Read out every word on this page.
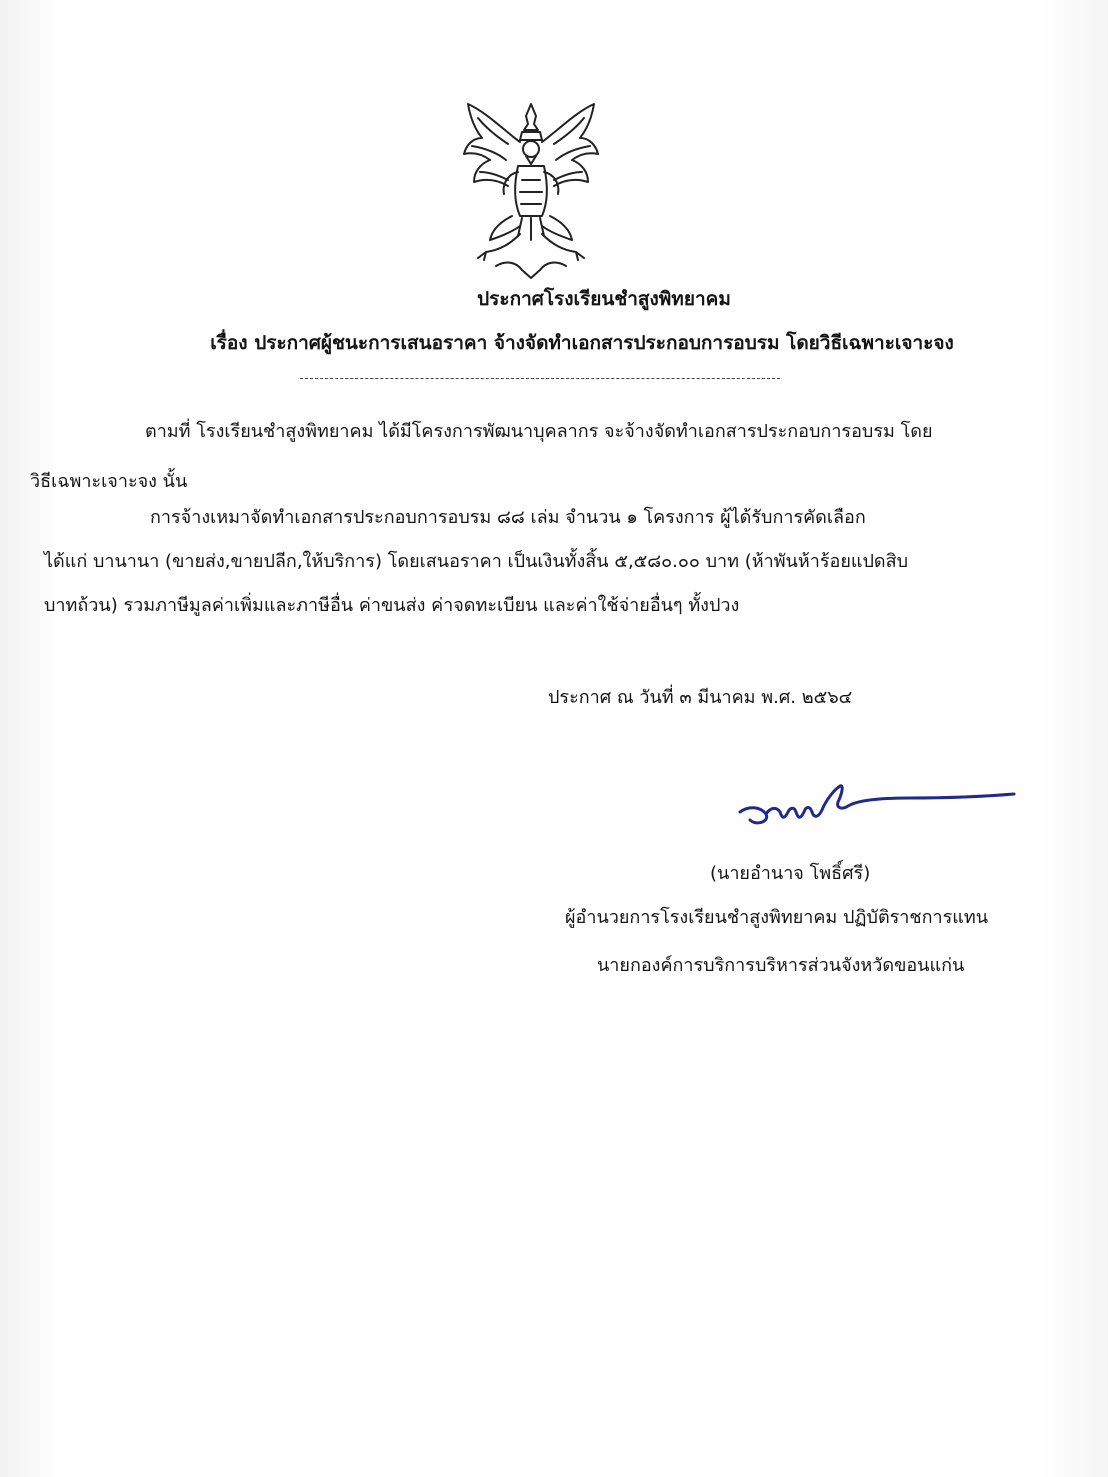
ประกาศโรงเรียนชำสูงพิทยาคม
เรื่อง ประกาศผู้ชนะการเสนอราคา จ้างจัดทำเอกสารประกอบการอบรม โดยวิธีเฉพาะเจาะจง
ตามที่ โรงเรียนชำสูงพิทยาคม ได้มีโครงการพัฒนาบุคลากร จะจ้างจัดทำเอกสารประกอบการอบรม โดย
วิธีเฉพาะเจาะจง นั้น
การจ้างเหมาจัดทำเอกสารประกอบการอบรม ๘๘ เล่ม จำนวน ๑ โครงการ ผู้ได้รับการคัดเลือก
ได้แก่ บานานา (ขายส่ง,ขายปลีก,ให้บริการ) โดยเสนอราคา เป็นเงินทั้งสิ้น ๕,๕๘๐.๐๐ บาท (ห้าพันห้าร้อยแปดสิบ
บาทถ้วน) รวมภาษีมูลค่าเพิ่มและภาษีอื่น ค่าขนส่ง ค่าจดทะเบียน และค่าใช้จ่ายอื่นๆ ทั้งปวง
ประกาศ ณ วันที่ ๓ มีนาคม พ.ศ. ๒๕๖๔
(นายอำนาจ โพธิ์ศรี)
ผู้อำนวยการโรงเรียนชำสูงพิทยาคม ปฏิบัติราชการแทน
นายกองค์การบริการบริหารส่วนจังหวัดขอนแก่น
